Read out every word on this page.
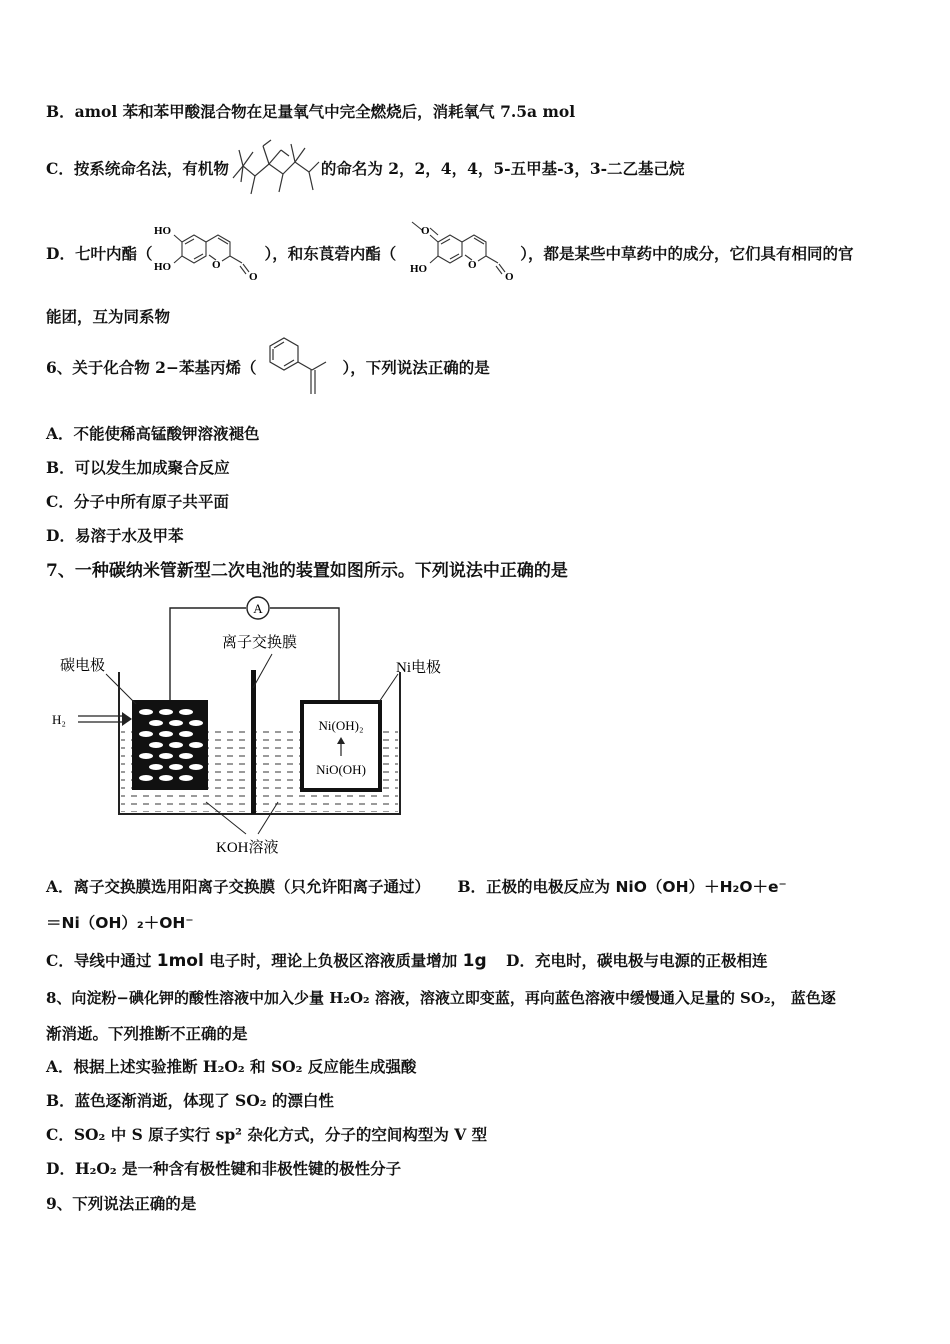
B．amol 苯和苯甲酸混合物在足量氧气中完全燃烧后，消耗氧气 7.5a mol
C．按系统命名法，有机物	的命名为 2，2，4，4，5-五甲基-3，3-二乙基己烷
D．七叶内酯（
HO
HO	O
O
），和东莨菪内酯（
O
HO	O
O
），都是某些中草药中的成分，它们具有相同的官
能团，互为同系物
6、关于化合物 2−苯基丙烯（	），下列说法正确的是
A．不能使稀高锰酸钾溶液褪色
B．可以发生加成聚合反应
C．分子中所有原子共平面
D．易溶于水及甲苯
7、一种碳纳米管新型二次电池的装置如图所示。下列说法中正确的是
A
离子交换膜
碳电极
H₂	Ni(OH)₂
NiO(OH)
Ni电极
KOH溶液
A．离子交换膜选用阳离子交换膜（只允许阳离子通过） B．正极的电极反应为 NiO（OH）＋H₂O＋e⁻
＝Ni（OH）₂＋OH⁻
C．导线中通过 1mol 电子时，理论上负极区溶液质量增加 1g D．充电时，碳电极与电源的正极相连
8、向淀粉−碘化钾的酸性溶液中加入少量 H₂O₂ 溶液，溶液立即变蓝，再向蓝色溶液中缓慢通入足量的 SO₂， 蓝色逐
渐消逝。下列推断不正确的是
A．根据上述实验推断 H₂O₂ 和 SO₂ 反应能生成强酸
B．蓝色逐渐消逝，体现了 SO₂ 的漂白性
C．SO₂ 中 S 原子实行 sp² 杂化方式，分子的空间构型为 V 型
D．H₂O₂ 是一种含有极性键和非极性键的极性分子
9、下列说法正确的是
